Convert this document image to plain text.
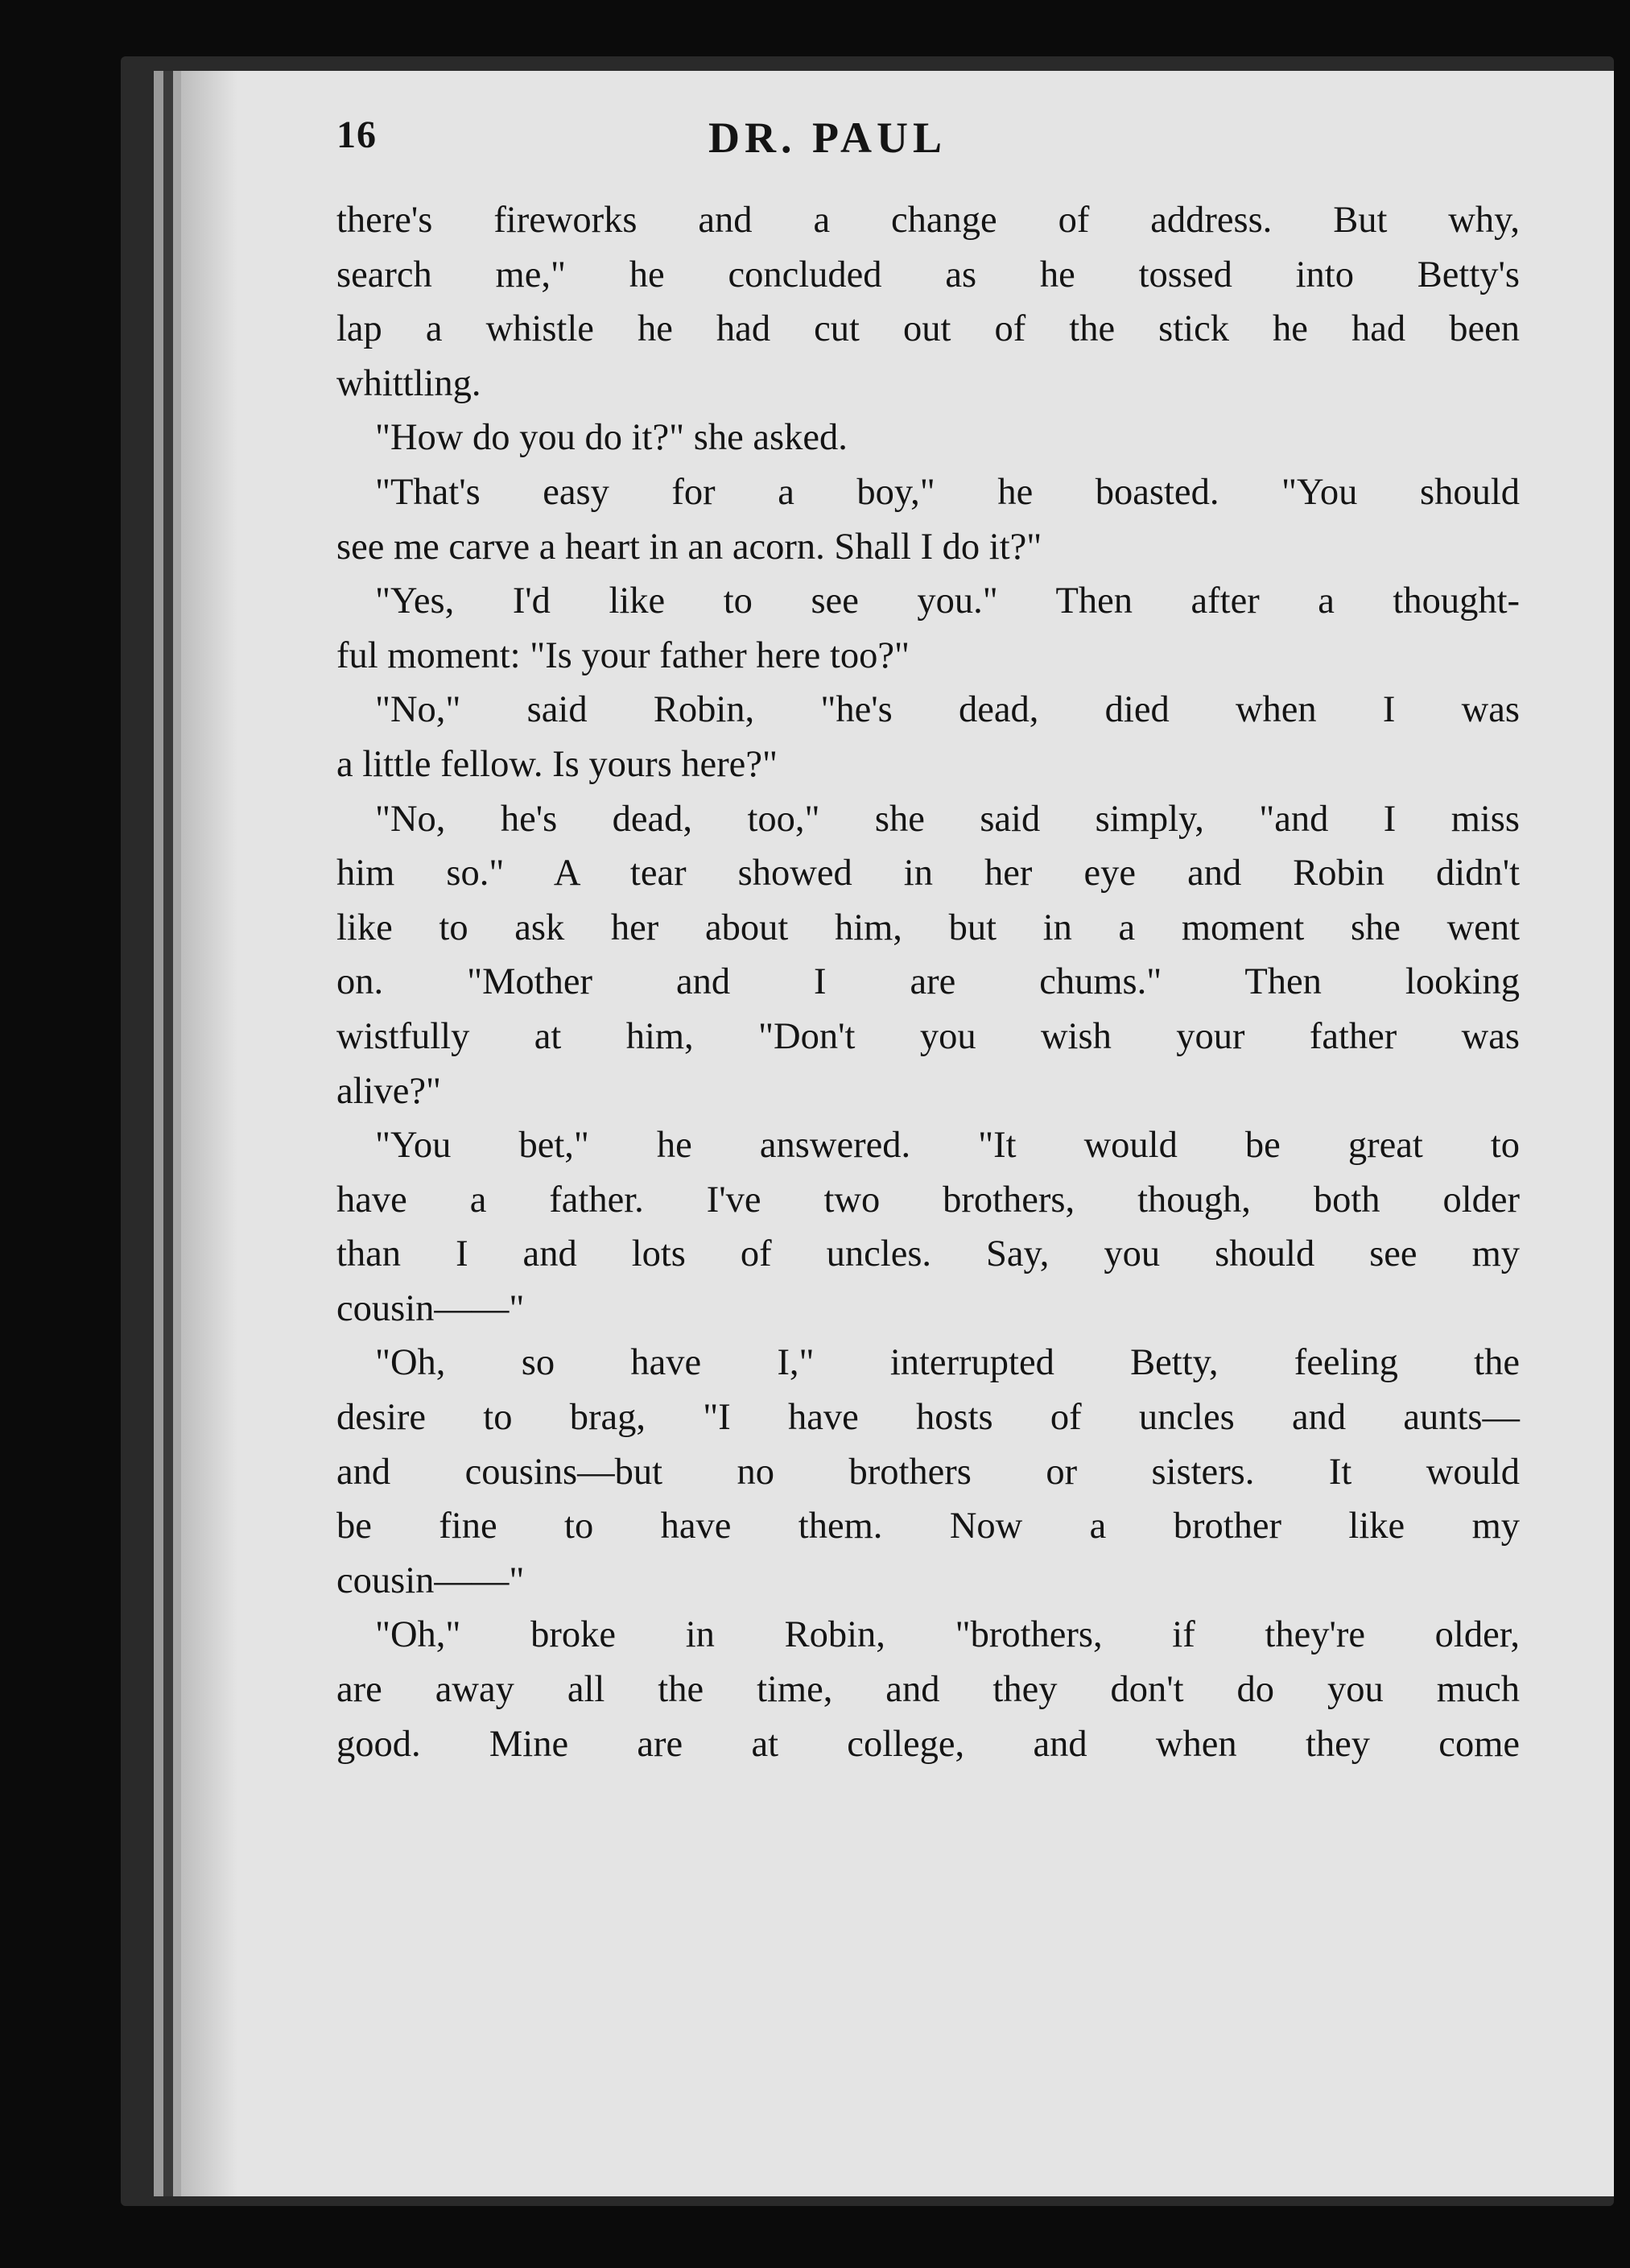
16	DR. PAUL
there's fireworks and a change of address. But why,
search me," he concluded as he tossed into Betty's
lap a whistle he had cut out of the stick he had been
whittling.
"How do you do it?" she asked.
"That's easy for a boy," he boasted. "You should
see me carve a heart in an acorn. Shall I do it?"
"Yes, I'd like to see you." Then after a thought-
ful moment: "Is your father here too?"
"No," said Robin, "he's dead, died when I was
a little fellow. Is yours here?"
"No, he's dead, too," she said simply, "and I miss
him so." A tear showed in her eye and Robin didn't
like to ask her about him, but in a moment she went
on. "Mother and I are chums." Then looking
wistfully at him, "Don't you wish your father was
alive?"
"You bet," he answered. "It would be great to
have a father. I've two brothers, though, both older
than I and lots of uncles. Say, you should see my
cousin——"
"Oh, so have I," interrupted Betty, feeling the
desire to brag, "I have hosts of uncles and aunts—
and cousins—but no brothers or sisters. It would
be fine to have them. Now a brother like my
cousin——"
"Oh," broke in Robin, "brothers, if they're older,
are away all the time, and they don't do you much
good. Mine are at college, and when they come
